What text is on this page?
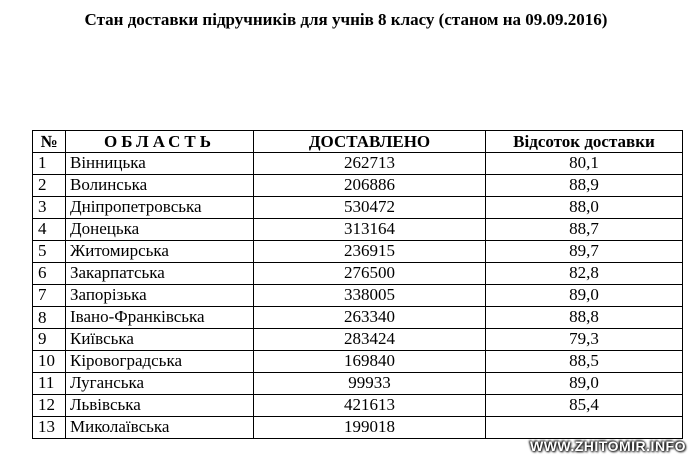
Стан доставки підручників для учнів 8 класу (станом на 09.09.2016)
№	ОБЛАСТЬ	ДОСТАВЛЕНО	Відсоток доставки
1	Вінницька	262713	80,1
2	Волинська	206886	88,9
3	Дніпропетровська	530472	88,0
4	Донецька	313164	88,7
5	Житомирська	236915	89,7
6	Закарпатська	276500	82,8
7	Запорізька	338005	89,0
8	Івано-Франківська	263340	88,8
9	Київська	283424	79,3
10	Кіровоградська	169840	88,5
11	Луганська	99933	89,0
12	Львівська	421613	85,4
13	Миколаївська	199018	
WWW.ZHITOMIR.INFO
